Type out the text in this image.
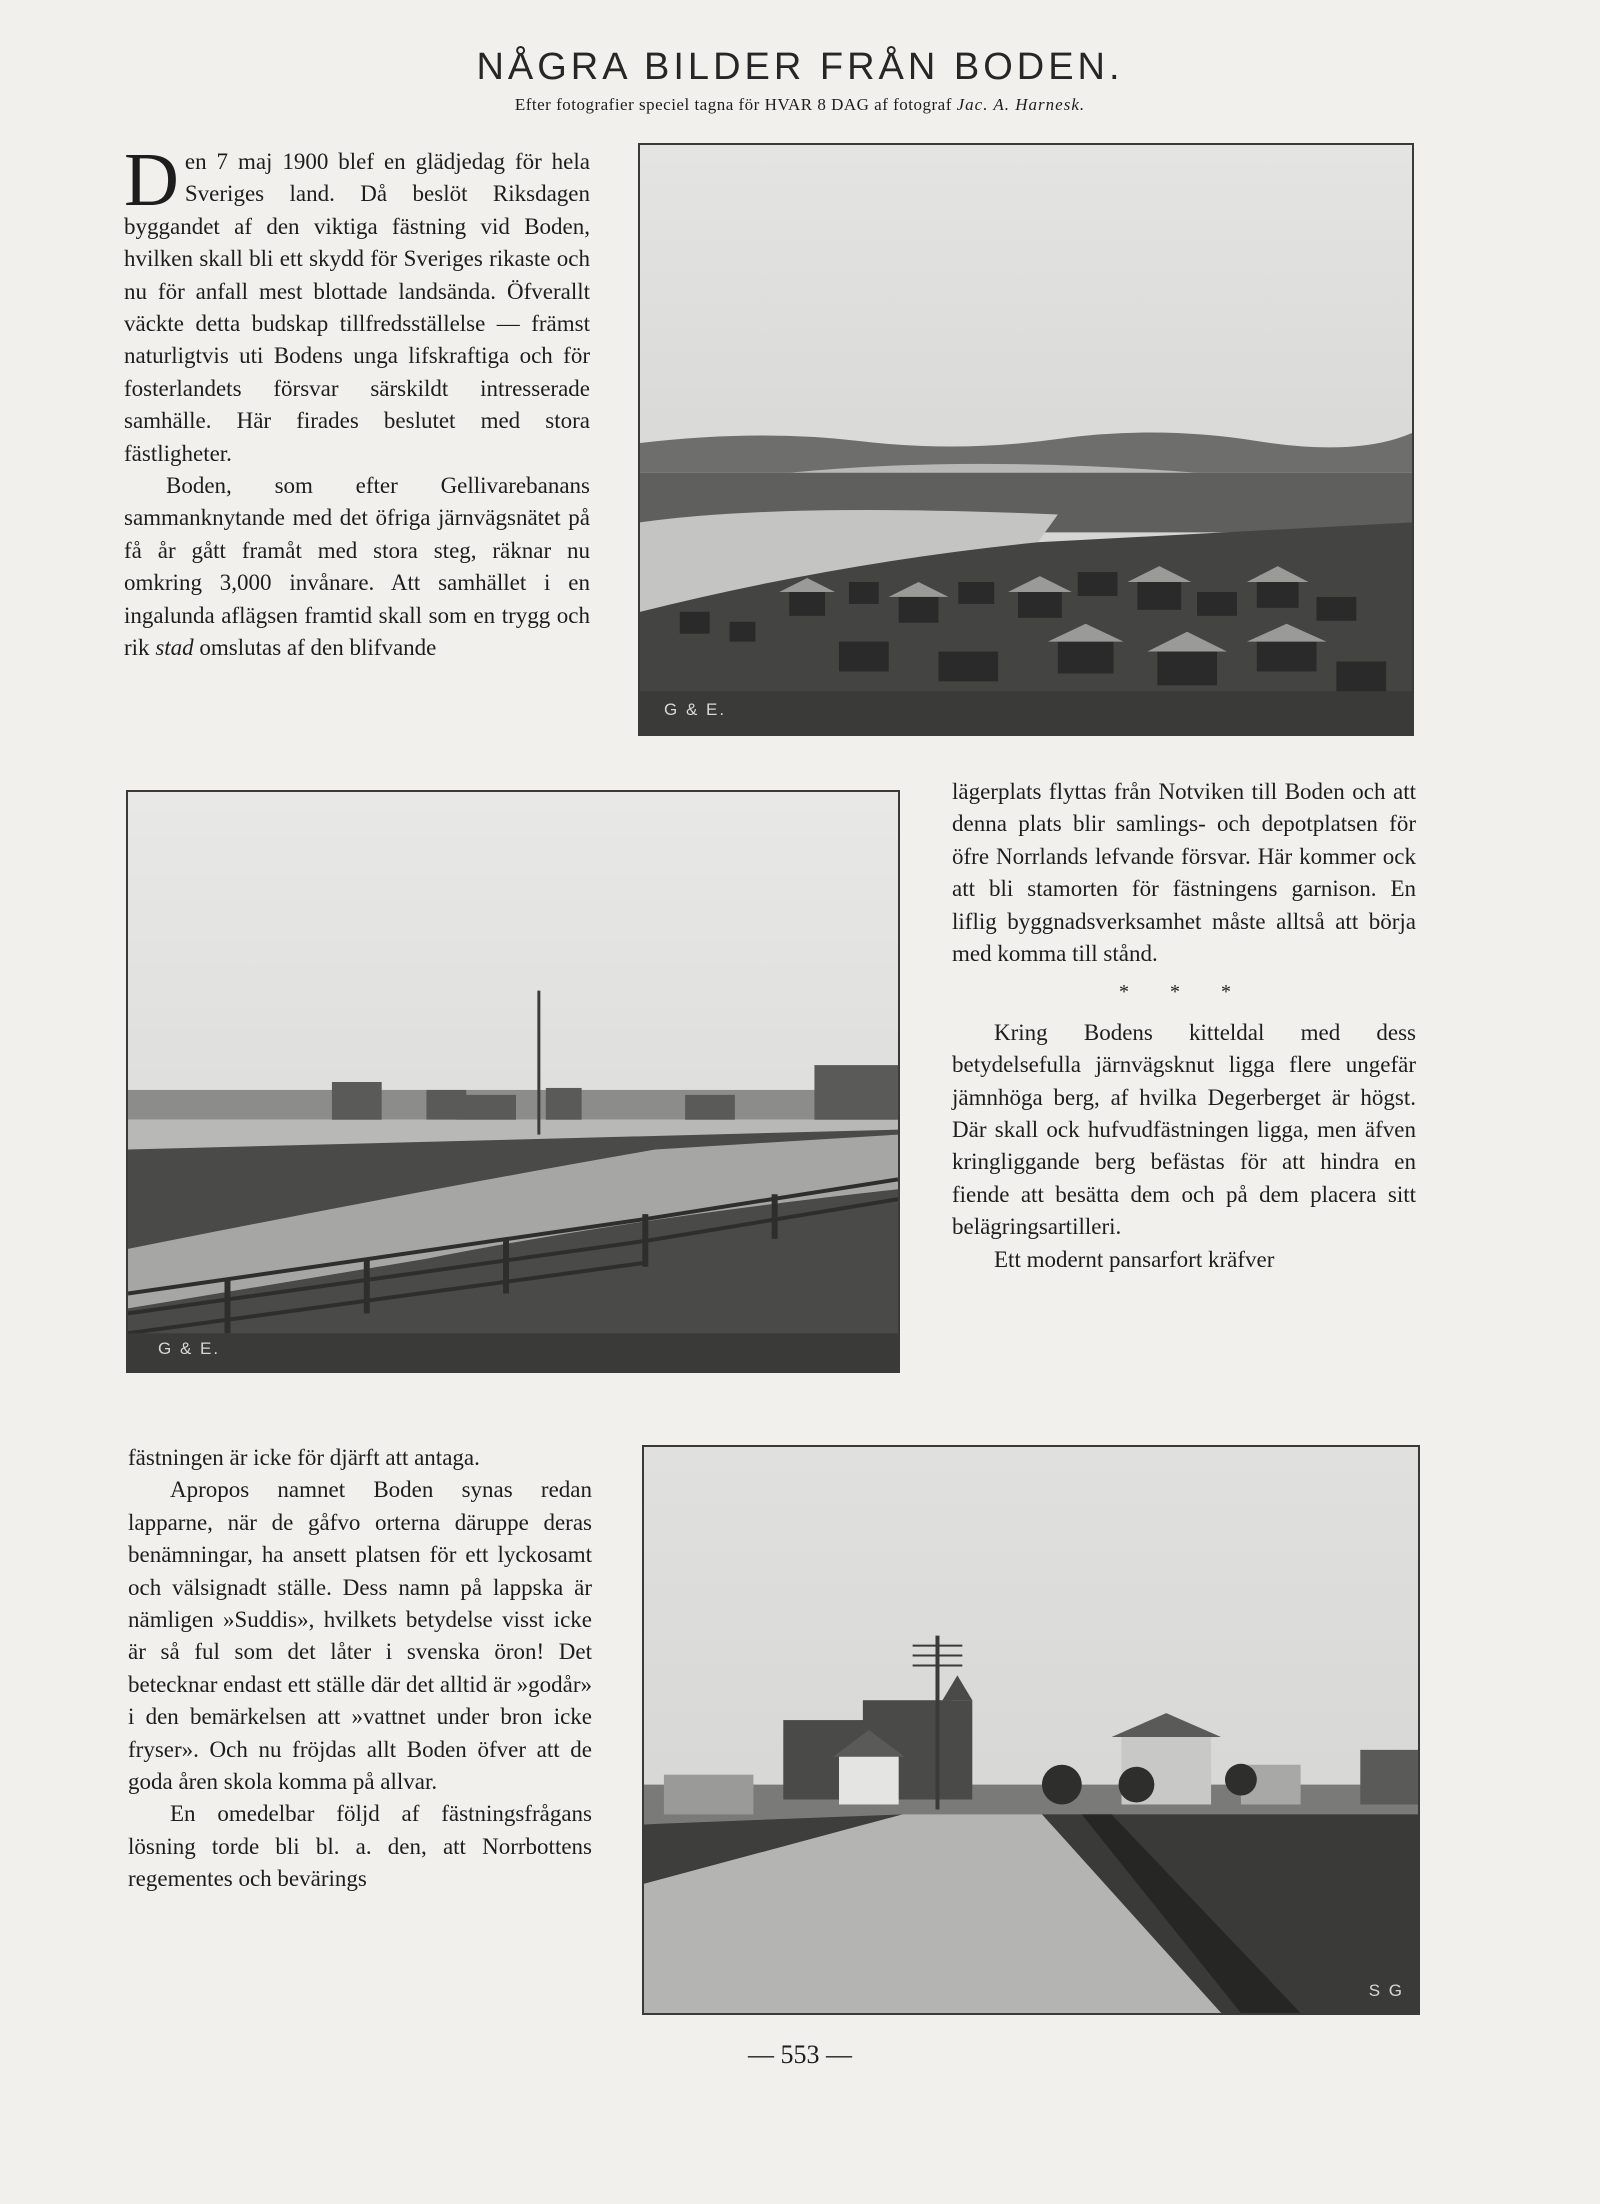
NÅGRA BILDER FRÅN BODEN.
Efter fotografier speciel tagna för HVAR 8 DAG af fotograf Jac. A. Harnesk.

D en 7 maj 1900 blef en glädjedag för hela Sveriges land. Då beslöt Riksdagen byggandet af den viktiga fästning vid Boden, hvilken skall bli ett skydd för Sveriges rikaste och nu för anfall mest blottade landsända. Öfverallt väckte detta budskap tillfredsställelse — främst naturligtvis uti Bodens unga lifskraftiga och för fosterlandets försvar särskildt intresserade samhälle. Här firades beslutet med stora fästligheter.

Boden, som efter Gellivarebanans sammanknytande med det öfriga järnvägsnätet på få år gått framåt med stora steg, räknar nu omkring 3,000 invånare. Att samhället i en ingalunda aflägsen framtid skall som en trygg och rik stad omslutas af den blifvande

G & E.
G & E.

lägerplats flyttas från Notviken till Boden och att denna plats blir samlings- och depotplatsen för öfre Norrlands lefvande försvar. Här kommer ock att bli stamorten för fästningens garnison. En liflig byggnadsverksamhet måste alltså att börja med komma till stånd.

* * *

Kring Bodens kitteldal med dess betydelsefulla järnvägsknut ligga flere ungefär jämnhöga berg, af hvilka Degerberget är högst. Där skall ock hufvudfästningen ligga, men äfven kringliggande berg befästas för att hindra en fiende att besätta dem och på dem placera sitt belägringsartilleri.

Ett modernt pansarfort kräfver

fästningen är icke för djärft att antaga.

Apropos namnet Boden synas redan lapparne, när de gåfvo orterna däruppe deras benämningar, ha ansett platsen för ett lyckosamt och välsignadt ställe. Dess namn på lappska är nämligen »Suddis», hvilkets betydelse visst icke är så ful som det låter i svenska öron! Det betecknar endast ett ställe där det alltid är »godår» i den bemärkelsen att »vattnet under bron icke fryser». Och nu fröjdas allt Boden öfver att de goda åren skola komma på allvar.

En omedelbar följd af fästningsfrågans lösning torde bli bl. a. den, att Norrbottens regementes och bevärings

S G
— 553 —
